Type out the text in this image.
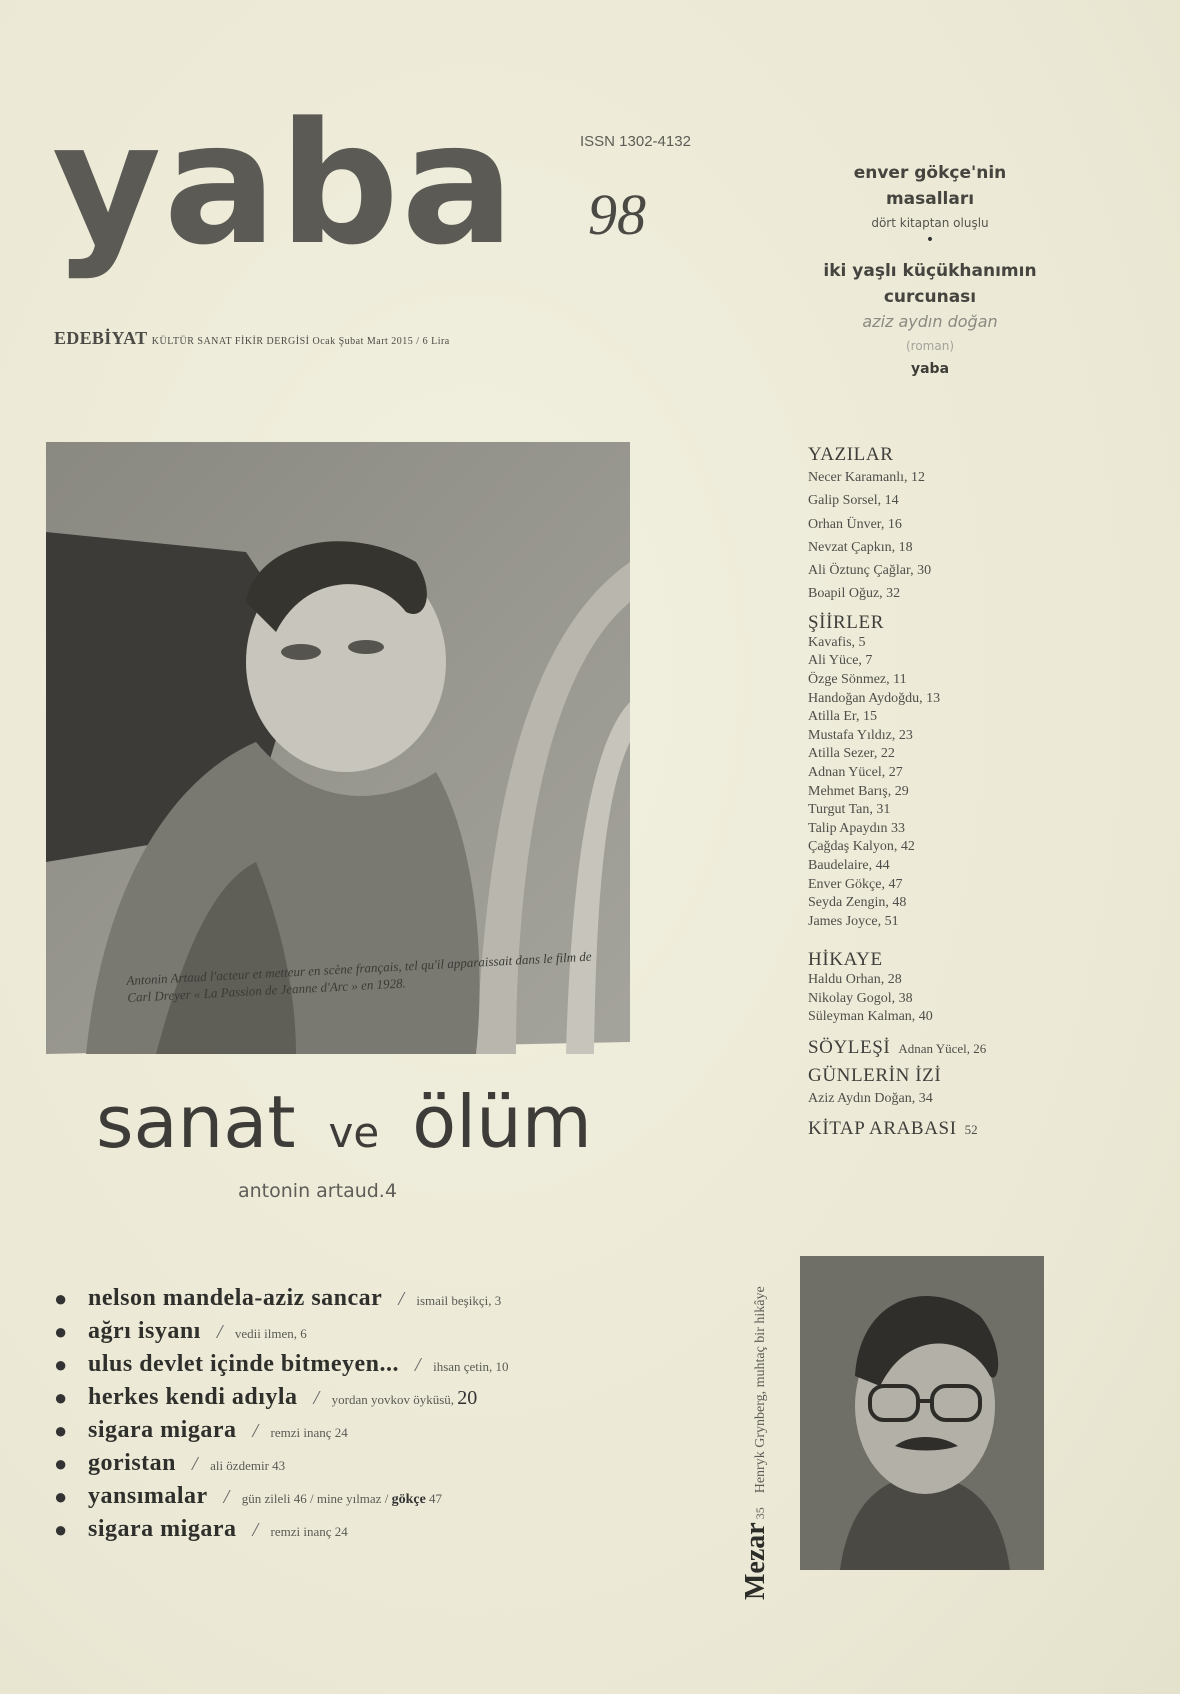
ISSN 1302-4132
yaba 98
EDEBİYAT KÜLTÜR SANAT FİKİR DERGİSİ Ocak Şubat Mart 2015 / 6 Lira
Antonin Artaud l'acteur et metteur en scène français, tel qu'il apparaissait dans le film de Carl Dreyer « La Passion de Jeanne d'Arc » en 1928.
sanat ve ölüm
antonin artaud.4
● nelson mandela-aziz sancar / ismail beşikçi, 3
● ağrı isyanı / vedii ilmen, 6
● ulus devlet içinde bitmeyen... / ihsan çetin, 10
● herkes kendi adıyla / yordan yovkov öyküsü, 20
● sigara migara / remzi inanç 24
● goristan / ali özdemir 43
● yansımalar / gün zileli 46 / mine yılmaz / gökçe 47
● sigara migara / remzi inanç 24
enver gökçe'nin
masalları
dört kitaptan oluşlu
•
iki yaşlı küçükhanımın
curcunası
aziz aydın doğan
(roman)
yaba
YAZILAR
Necer Karamanlı, 12
Galip Sorsel, 14
Orhan Ünver, 16
Nevzat Çapkın, 18
Ali Öztunç Çağlar, 30
Boapil Oğuz, 32
ŞİİRLER
Kavafis, 5
Ali Yüce, 7
Özge Sönmez, 11
Handoğan Aydoğdu, 13
Atilla Er, 15
Mustafa Yıldız, 23
Atilla Sezer, 22
Adnan Yücel, 27
Mehmet Barış, 29
Turgut Tan, 31
Talip Apaydın 33
Çağdaş Kalyon, 42
Baudelaire, 44
Enver Gökçe, 47
Seyda Zengin, 48
James Joyce, 51
HİKAYE
Haldu Orhan, 28
Nikolay Gogol, 38
Süleyman Kalman, 40
SÖYLEŞİ Adnan Yücel, 26
GÜNLERİN İZİ
Aziz Aydın Doğan, 34
KİTAP ARABASI 52
Mezar35Henryk Grynberg, muhtaç bir hikâye
